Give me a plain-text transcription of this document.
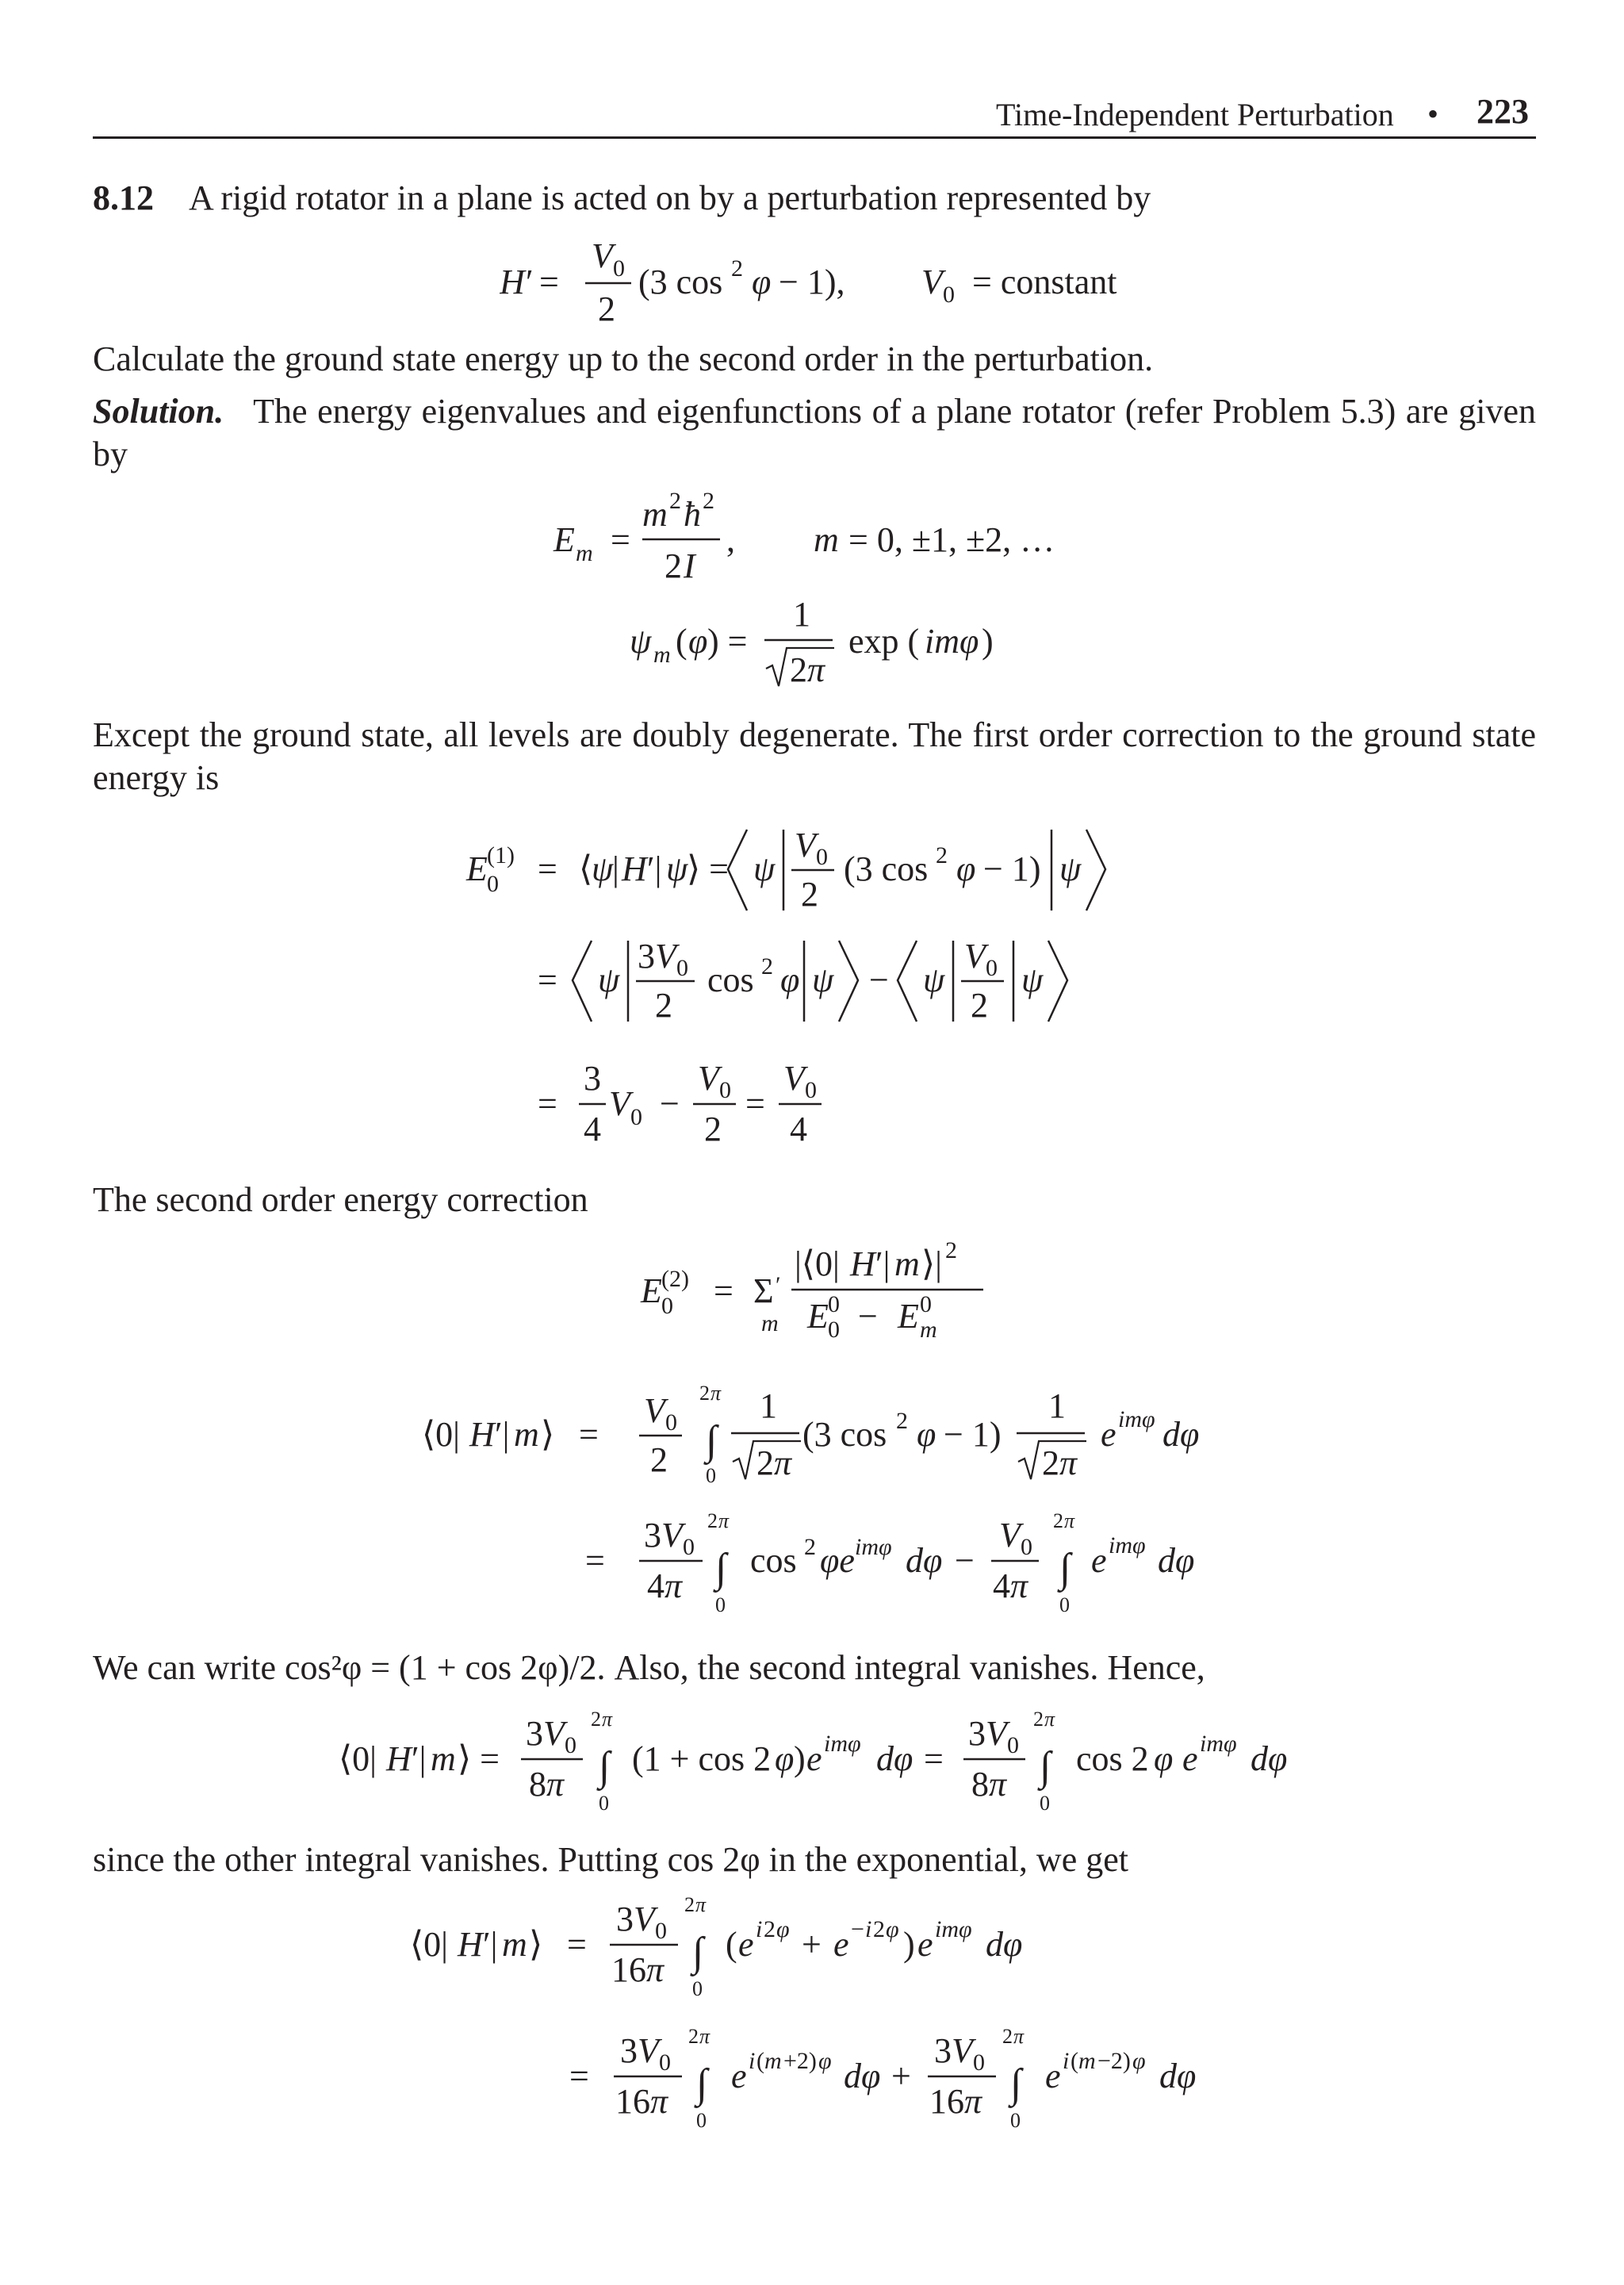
Time-Independent Perturbation • 223
8.12 A rigid rotator in a plane is acted on by a perturbation represented by
H ′ =
V 0
2
(3 cos 2 φ − 1), V 0 = constant
Calculate the ground state energy up to the second order in the perturbation.
Solution. The energy eigenvalues and eigenfunctions of a plane rotator (refer Problem 5.3) are given by
E m =
m 2 ħ 2
2 I
, m = 0, ±1, ±2, …
ψ m ( φ ) =
1
2 π
exp ( imφ )
Except the ground state, all levels are doubly degenerate. The first order correction to the ground state energy is
E 0
(1) = ⟨
ψ
| H ′| ψ
⟩ = ψ
V 0
2
(3 cos 2 φ − 1) ψ
= ψ
3 V 0
2
cos 2 φ ψ − ψ
V 0
2
ψ
=
3
4
V 0 −
V 0
2
=
V 0
4
The second order energy correction
E 0
(2) = Σ ′
m
|⟨0| H ′| m ⟩| 2
E 0
0 − E m
0
⟨0| H ′| m ⟩ =
V 0
2
2 π
∫
0
1
2 π
(3 cos 2 φ − 1)
1
2 π
e imφ dφ
=
3 V 0
4 π
2 π
∫
0
cos 2 φe imφ dφ −
V 0
4 π
2 π
∫
0
e imφ dφ
We can write cos²φ = (1 + cos 2φ)/2. Also, the second integral vanishes. Hence,
⟨0| H ′| m ⟩ =
3 V 0
8 π
2 π
∫
0
(1 + cos 2 φ ) e imφ dφ =
3 V 0
8 π
2 π
∫
0
cos 2 φ e imφ dφ
since the other integral vanishes. Putting cos 2φ in the exponential, we get
⟨0| H ′| m ⟩ =
3 V 0
16 π
2 π
∫
0
( e i 2 φ + e − i 2 φ ) e imφ dφ
=
3 V 0
16 π
2 π
∫
0
e i ( m +2) φ dφ +
3 V 0
16 π
2 π
∫
0
e i ( m −2) φ dφ
